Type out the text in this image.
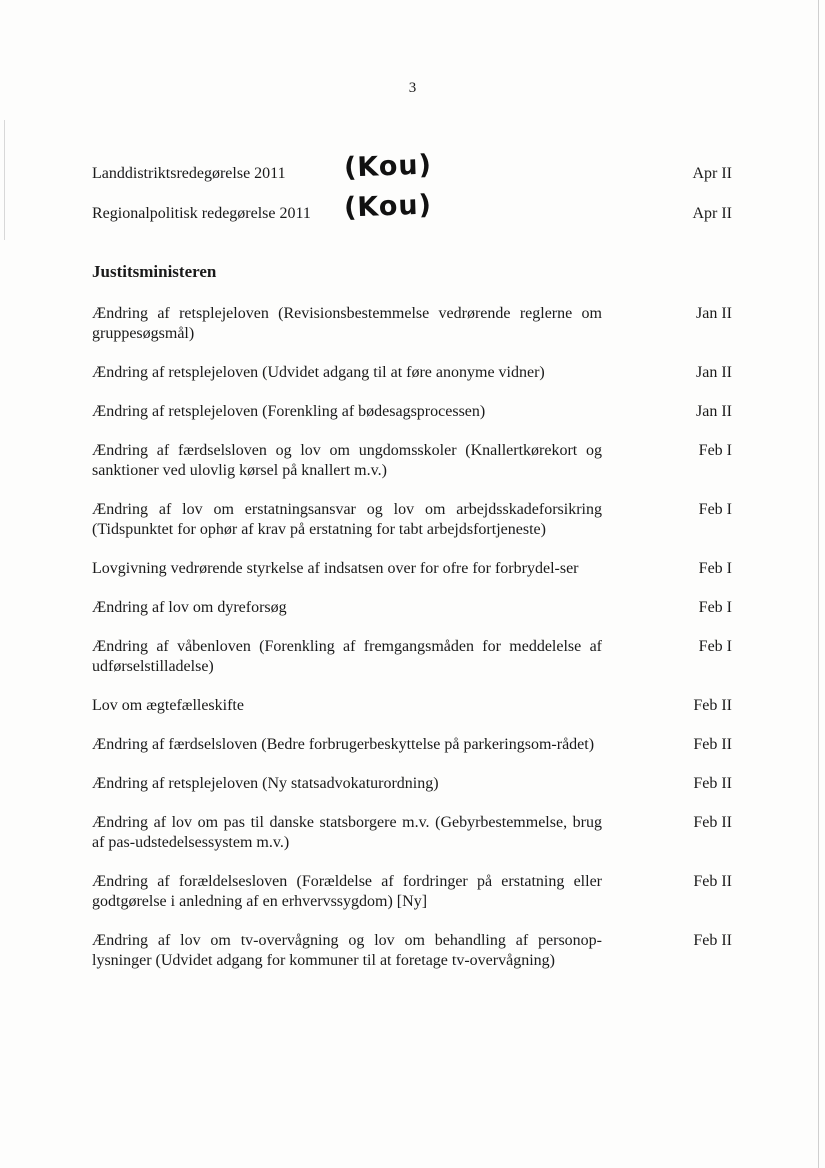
3
Landdistriktsredegørelse 2011 (Kou)	Apr II
Regionalpolitisk redegørelse 2011 (Kou)	Apr II
Justitsministeren
Ændring af retsplejeloven (Revisionsbestemmelse vedrørende reglerne om gruppesøgsmål)
Jan II
Ændring af retsplejeloven (Udvidet adgang til at føre anonyme vidner)	Jan II
Ændring af retsplejeloven (Forenkling af bødesagsprocessen)	Jan II
Ændring af færdselsloven og lov om ungdomsskoler (Knallertkørekort og sanktioner ved ulovlig kørsel på knallert m.v.)
Feb I
Ændring af lov om erstatningsansvar og lov om arbejdsskadeforsikring (Tidspunktet for ophør af krav på erstatning for tabt arbejdsfortjeneste)
Feb I
Lovgivning vedrørende styrkelse af indsatsen over for ofre for forbrydel-ser	Feb I
Ændring af lov om dyreforsøg	Feb I
Ændring af våbenloven (Forenkling af fremgangsmåden for meddelelse af udførselstilladelse)
Feb I
Lov om ægtefælleskifte	Feb II
Ændring af færdselsloven (Bedre forbrugerbeskyttelse på parkeringsom-rådet)	Feb II
Ændring af retsplejeloven (Ny statsadvokaturordning)	Feb II
Ændring af lov om pas til danske statsborgere m.v. (Gebyrbestemmelse, brug af pas-udstedelsessystem m.v.)
Feb II
Ændring af forældelsesloven (Forældelse af fordringer på erstatning eller godtgørelse i anledning af en erhvervssygdom) [Ny]
Feb II
Ændring af lov om tv-overvågning og lov om behandling af personop-lysninger (Udvidet adgang for kommuner til at foretage tv-overvågning)
Feb II
